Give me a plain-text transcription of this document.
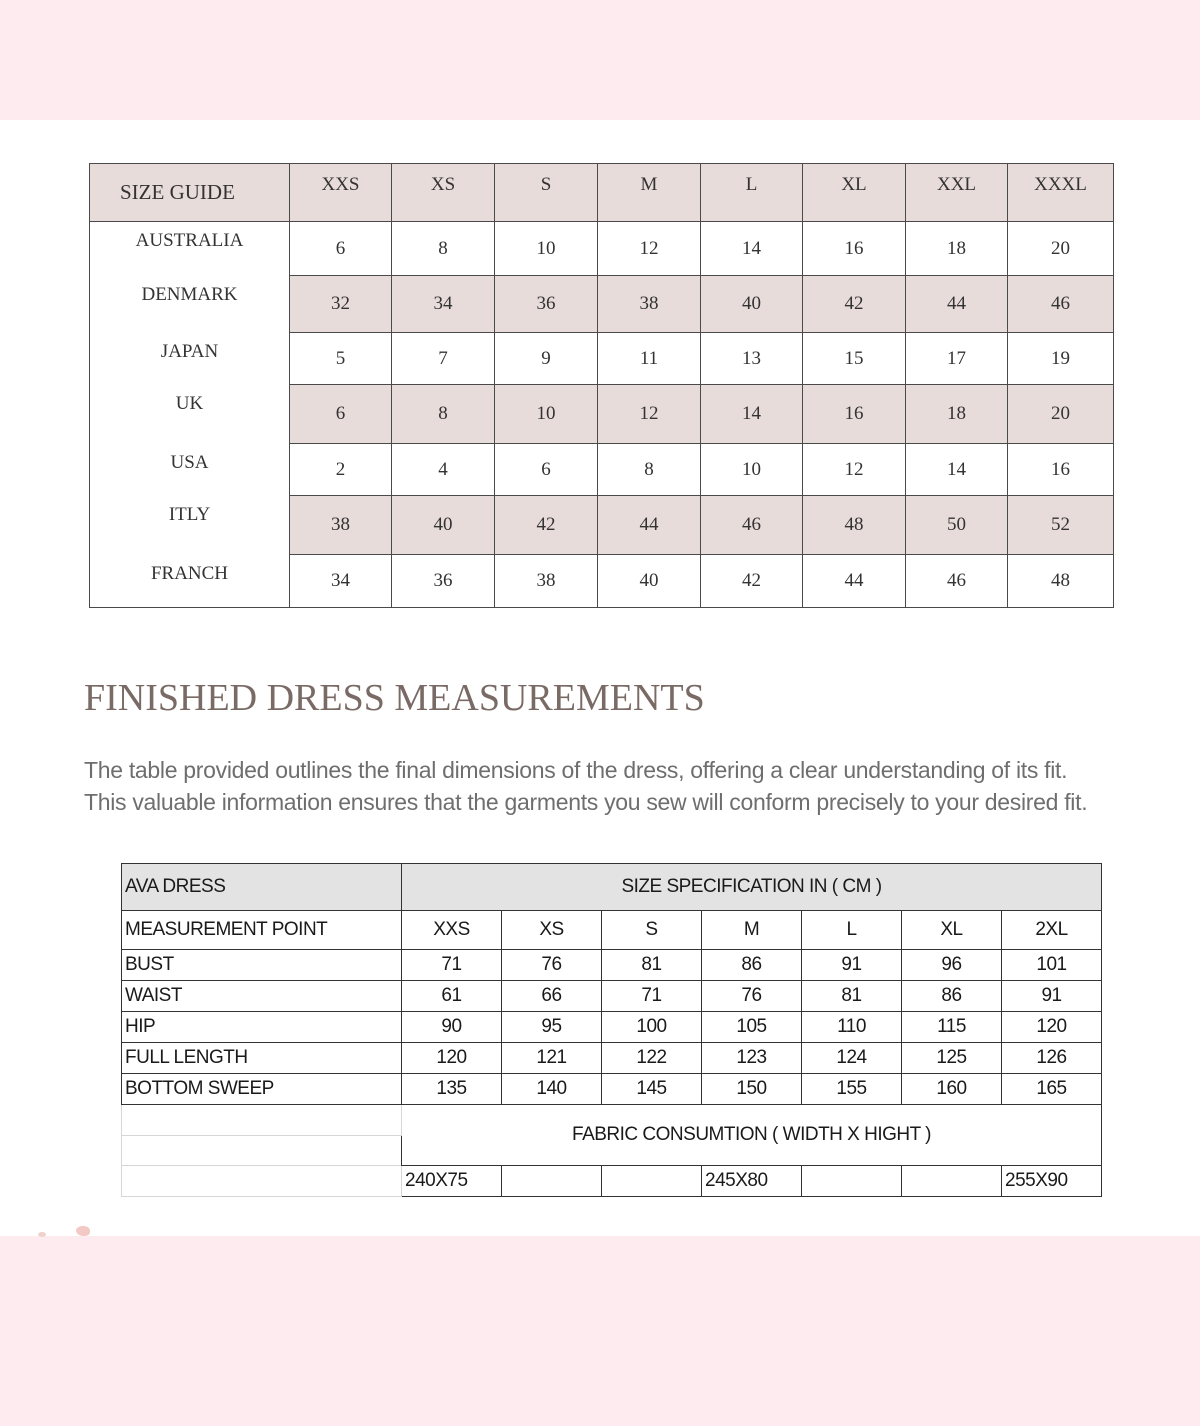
SIZE GUIDE	XXS	XS	S	M	L	XL	XXL	XXXL
AUSTRALIA	6	8	10	12	14	16	18	20
DENMARK	32	34	36	38	40	42	44	46
JAPAN	5	7	9	11	13	15	17	19
UK	6	8	10	12	14	16	18	20
USA	2	4	6	8	10	12	14	16
ITLY	38	40	42	44	46	48	50	52
FRANCH	34	36	38	40	42	44	46	48
FINISHED DRESS MEASUREMENTS

The table provided outlines the final dimensions of the dress, offering a clear understanding of its fit.
This valuable information ensures that the garments you sew will conform precisely to your desired fit.

AVA DRESS	SIZE SPECIFICATION IN ( CM )						
MEASUREMENT POINT	XXS	XS	S	M	L	XL	2XL
BUST	71	76	81	86	91	96	101
WAIST	61	66	71	76	81	86	91
HIP	90	95	100	105	110	115	120
FULL LENGTH	120	121	122	123	124	125	126
BOTTOM SWEEP	135	140	145	150	155	160	165
	FABRIC CONSUMTION ( WIDTH X HIGHT )						

	240X75			245X80			255X90
